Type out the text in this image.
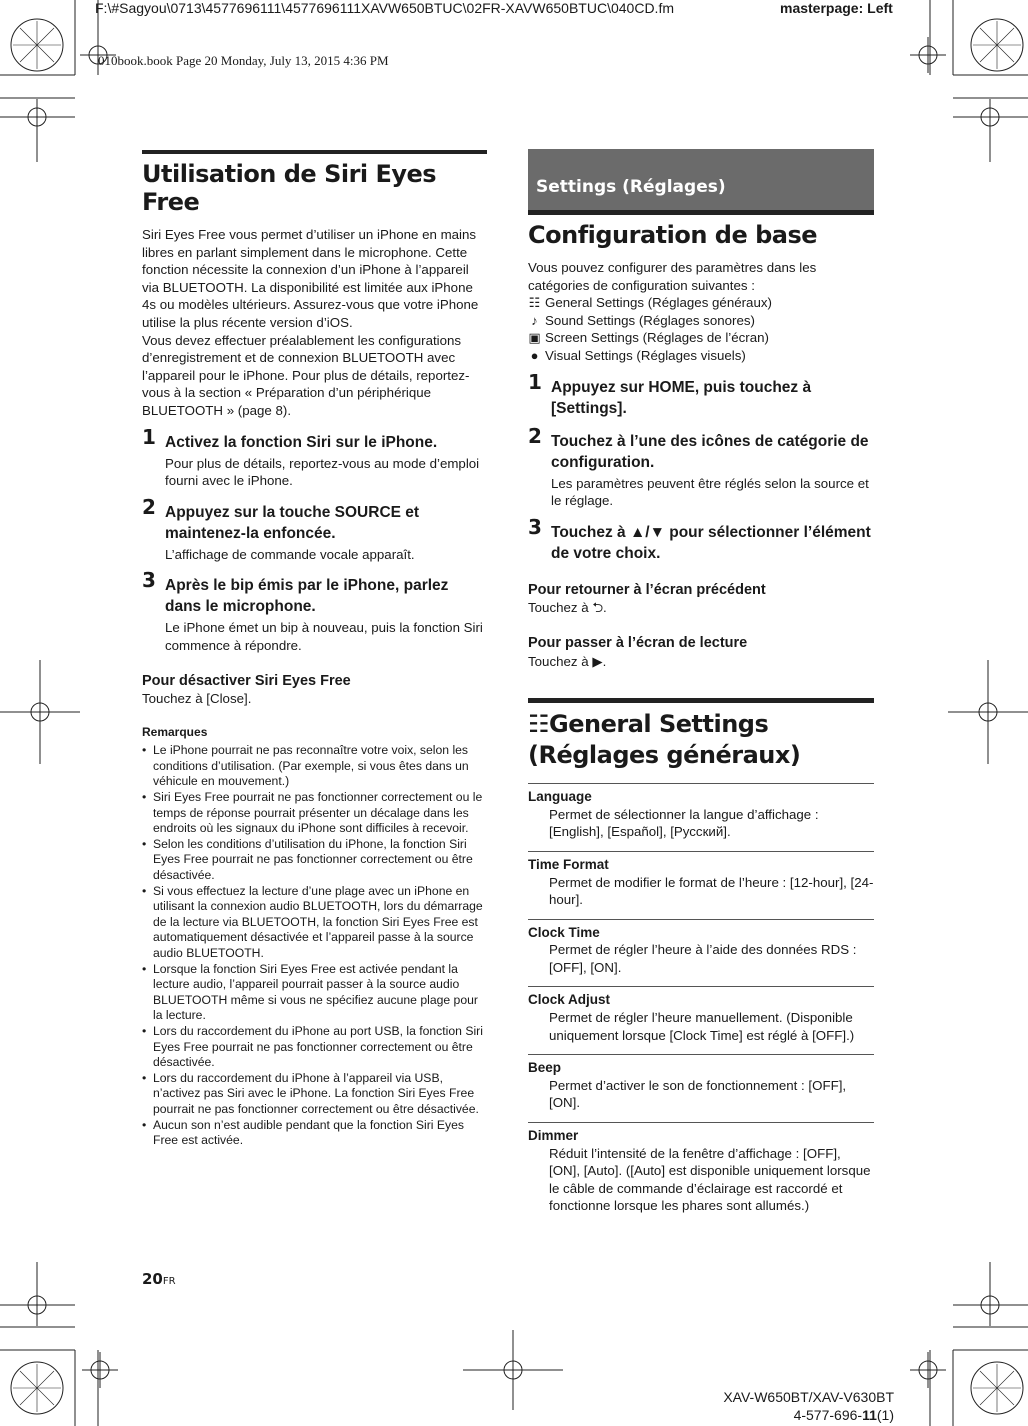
F:\#Sagyou\0713\4577696111\4577696111XAVW650BTUC\02FR-XAVW650BTUC\040CD.fm	masterpage: Left
010book.book Page 20 Monday, July 13, 2015 4:36 PM
Utilisation de Siri Eyes Free

Siri Eyes Free vous permet d’utiliser un iPhone en mains libres en parlant simplement dans le microphone. Cette fonction nécessite la connexion d’un iPhone à l’appareil via BLUETOOTH. La disponibilité est limitée aux iPhone 4s ou modèles ultérieurs. Assurez-vous que votre iPhone utilise la plus récente version d’iOS.

Vous devez effectuer préalablement les configurations d’enregistrement et de connexion BLUETOOTH avec l’appareil pour le iPhone. Pour plus de détails, reportez-vous à la section « Préparation d’un périphérique BLUETOOTH » (page 8).

1 Activez la fonction Siri sur le iPhone.
Pour plus de détails, reportez-vous au mode d’emploi fourni avec le iPhone.
2 Appuyez sur la touche SOURCE et maintenez-la enfoncée.
L’affichage de commande vocale apparaît.
3 Après le bip émis par le iPhone, parlez dans le microphone.
Le iPhone émet un bip à nouveau, puis la fonction Siri commence à répondre.
Pour désactiver Siri Eyes Free

Touchez à [Close].

Remarques
• Le iPhone pourrait ne pas reconnaître votre voix, selon les conditions d’utilisation. (Par exemple, si vous êtes dans un véhicule en mouvement.)
• Siri Eyes Free pourrait ne pas fonctionner correctement ou le temps de réponse pourrait présenter un décalage dans les endroits où les signaux du iPhone sont difficiles à recevoir.
• Selon les conditions d’utilisation du iPhone, la fonction Siri Eyes Free pourrait ne pas fonctionner correctement ou être désactivée.
• Si vous effectuez la lecture d’une plage avec un iPhone en utilisant la connexion audio BLUETOOTH, lors du démarrage de la lecture via BLUETOOTH, la fonction Siri Eyes Free est automatiquement désactivée et l’appareil passe à la source audio BLUETOOTH.
• Lorsque la fonction Siri Eyes Free est activée pendant la lecture audio, l’appareil pourrait passer à la source audio BLUETOOTH même si vous ne spécifiez aucune plage pour la lecture.
• Lors du raccordement du iPhone au port USB, la fonction Siri Eyes Free pourrait ne pas fonctionner correctement ou être désactivée.
• Lors du raccordement du iPhone à l’appareil via USB, n’activez pas Siri avec le iPhone. La fonction Siri Eyes Free pourrait ne pas fonctionner correctement ou être désactivée.
• Aucun son n’est audible pendant que la fonction Siri Eyes Free est activée.
Settings (Réglages)
Configuration de base

Vous pouvez configurer des paramètres dans les catégories de configuration suivantes :

☷ General Settings (Réglages généraux)
♪ Sound Settings (Réglages sonores)
▣ Screen Settings (Réglages de l’écran)
● Visual Settings (Réglages visuels)
1 Appuyez sur HOME, puis touchez à [Settings].
2 Touchez à l’une des icônes de catégorie de configuration.
Les paramètres peuvent être réglés selon la source et le réglage.
3 Touchez à ▲/▼ pour sélectionner l’élément de votre choix.
Pour retourner à l’écran précédent

Touchez à ⮌.

Pour passer à l’écran de lecture

Touchez à ▶︎.

☷General Settings (Réglages généraux)
Language
Permet de sélectionner la langue d’affichage : [English], [Español], [Русский].
Time Format
Permet de modifier le format de l’heure : [12-hour], [24-hour].
Clock Time
Permet de régler l’heure à l’aide des données RDS : [OFF], [ON].
Clock Adjust
Permet de régler l’heure manuellement. (Disponible uniquement lorsque [Clock Time] est réglé à [OFF].)
Beep
Permet d’activer le son de fonctionnement : [OFF], [ON].
Dimmer
Réduit l’intensité de la fenêtre d’affichage : [OFF], [ON], [Auto]. ([Auto] est disponible uniquement lorsque le câble de commande d’éclairage est raccordé et fonctionne lorsque les phares sont allumés.)
20FR
XAV-W650BT/XAV-V630BT
4-577-696-11(1)
